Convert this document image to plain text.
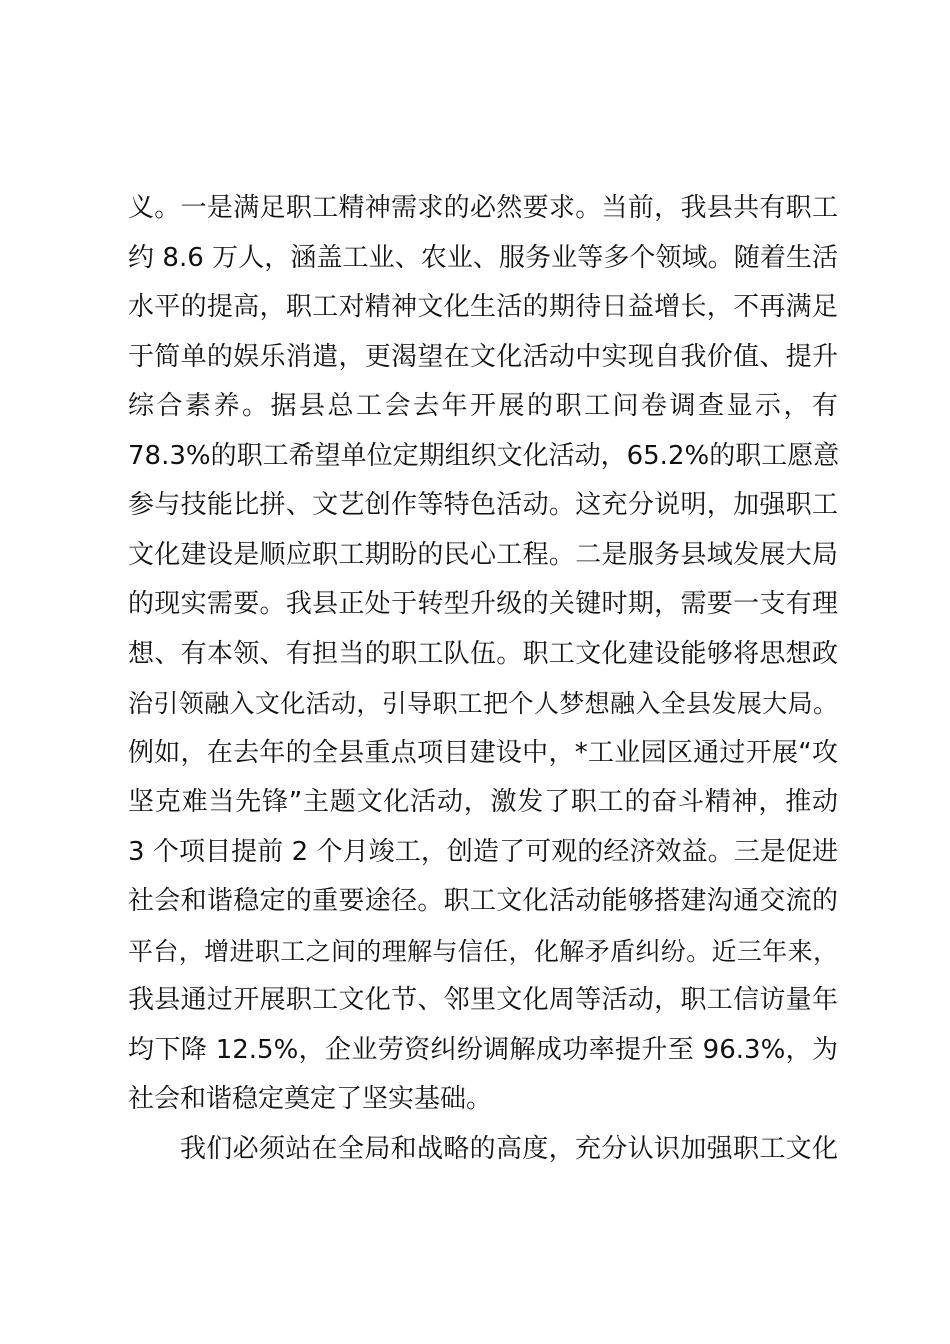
义。一是满足职工精神需求的必然要求。当前，我县共有职工
约 8.6 万人，涵盖工业、农业、服务业等多个领域。随着生活
水平的提高，职工对精神文化生活的期待日益增长，不再满足
于简单的娱乐消遣，更渴望在文化活动中实现自我价值、提升
综合素养。据县总工会去年开展的职工问卷调查显示，有
78.3%的职工希望单位定期组织文化活动，65.2%的职工愿意
参与技能比拼、文艺创作等特色活动。这充分说明，加强职工
文化建设是顺应职工期盼的民心工程。二是服务县域发展大局
的现实需要。我县正处于转型升级的关键时期，需要一支有理
想、有本领、有担当的职工队伍。职工文化建设能够将思想政
治引领融入文化活动，引导职工把个人梦想融入全县发展大局。
例如，在去年的全县重点项目建设中，*工业园区通过开展“攻
坚克难当先锋”主题文化活动，激发了职工的奋斗精神，推动
3 个项目提前 2 个月竣工，创造了可观的经济效益。三是促进
社会和谐稳定的重要途径。职工文化活动能够搭建沟通交流的
平台，增进职工之间的理解与信任，化解矛盾纠纷。近三年来，
我县通过开展职工文化节、邻里文化周等活动，职工信访量年
均下降 12.5%，企业劳资纠纷调解成功率提升至 96.3%，为
社会和谐稳定奠定了坚实基础。
我们必须站在全局和战略的高度，充分认识加强职工文化
